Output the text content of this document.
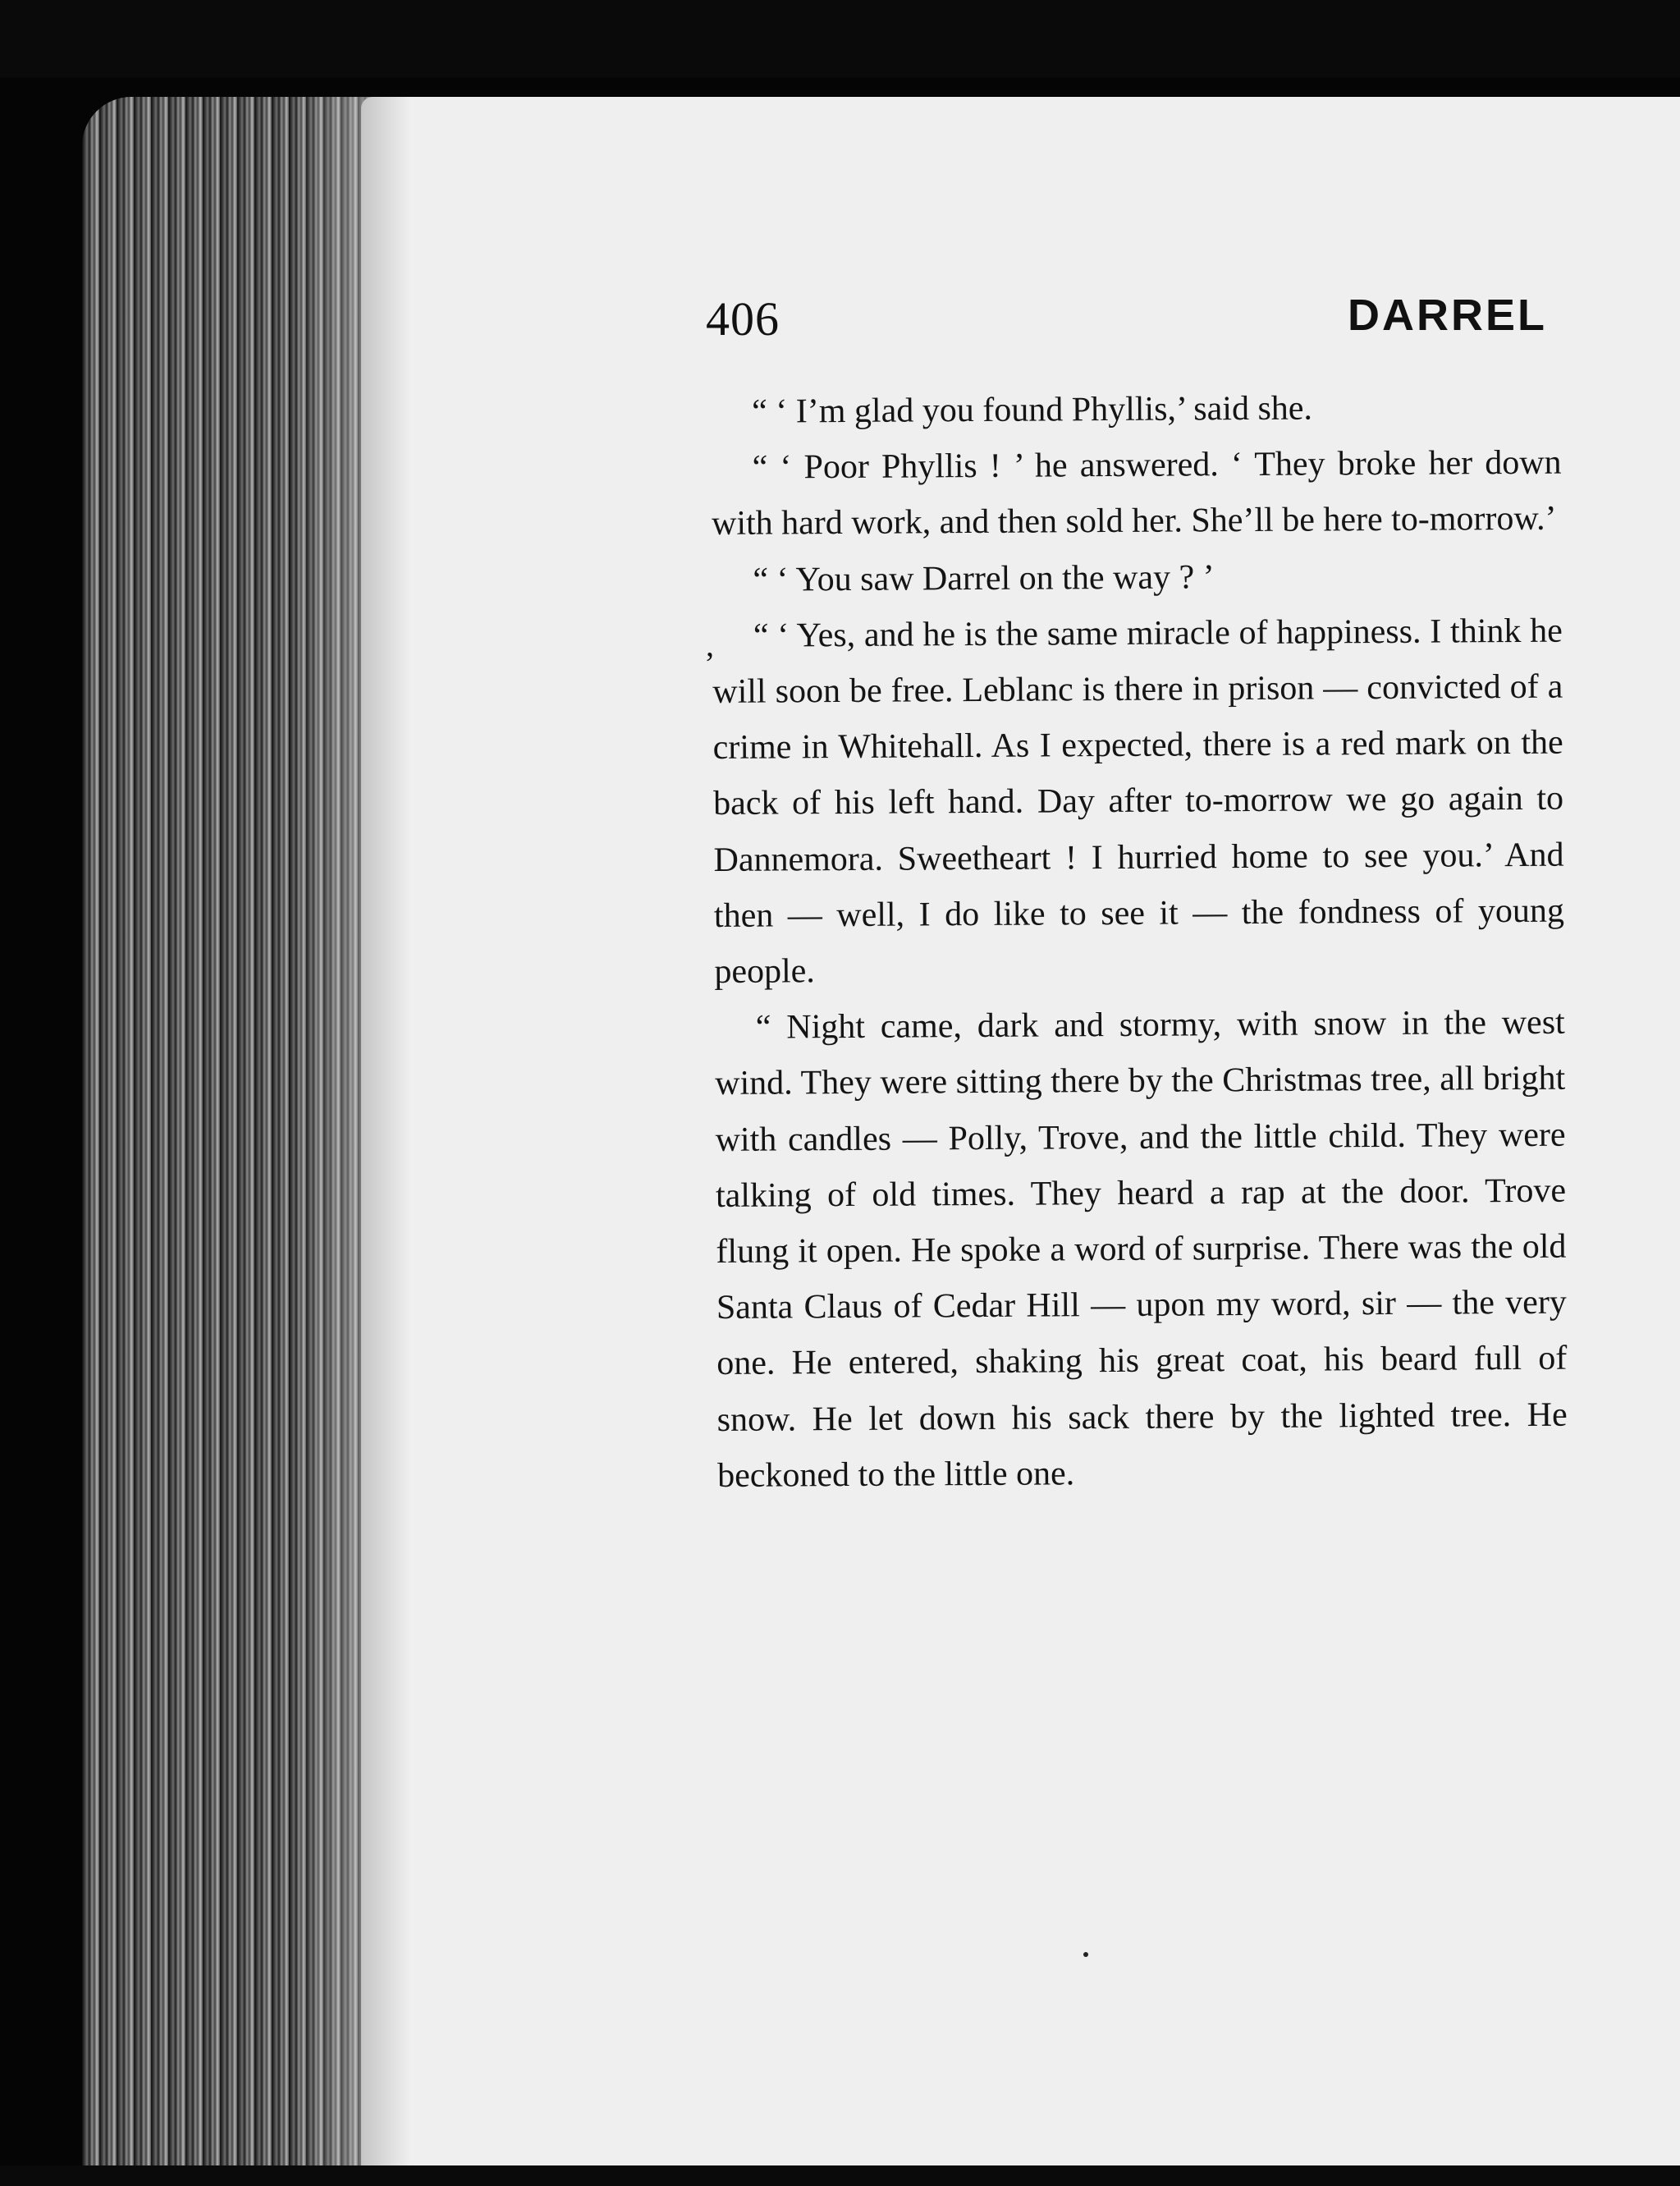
406	DARREL
,

“ ‘ I’m glad you found Phyllis,’ said she.

“ ‘ Poor Phyllis ! ’ he answered. ‘ They broke her down with hard work, and then sold her. She’ll be here to-morrow.’

“ ‘ You saw Darrel on the way ? ’

“ ‘ Yes, and he is the same miracle of happiness. I think he will soon be free. Leblanc is there in prison — convicted of a crime in Whitehall. As I expected, there is a red mark on the back of his left hand. Day after to-morrow we go again to Dannemora. Sweetheart ! I hurried home to see you.’ And then — well, I do like to see it — the fondness of young people.

“ Night came, dark and stormy, with snow in the west wind. They were sitting there by the Christmas tree, all bright with candles — Polly, Trove, and the little child. They were talking of old times. They heard a rap at the door. Trove flung it open. He spoke a word of surprise. There was the old Santa Claus of Cedar Hill — upon my word, sir — the very one. He entered, shaking his great coat, his beard full of snow. He let down his sack there by the lighted tree. He beckoned to the little one.
